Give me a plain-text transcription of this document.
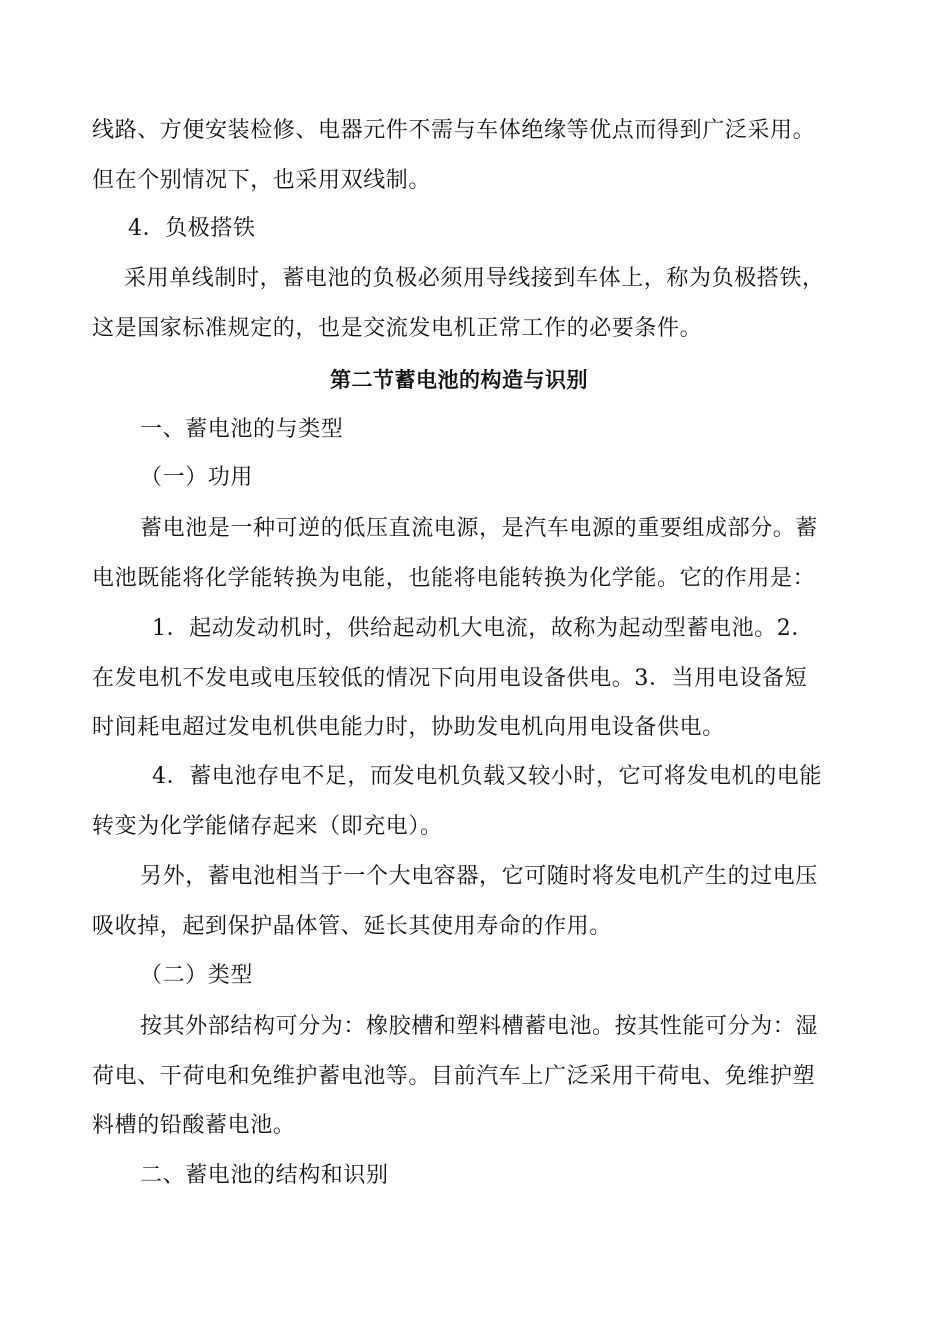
线路、方便安装检修、电器元件不需与车体绝缘等优点而得到广泛采用。
但在个别情况下，也采用双线制。
4．负极搭铁
采用单线制时，蓄电池的负极必须用导线接到车体上，称为负极搭铁，
这是国家标准规定的，也是交流发电机正常工作的必要条件。
第二节蓄电池的构造与识别
一、蓄电池的与类型
（一）功用
蓄电池是一种可逆的低压直流电源，是汽车电源的重要组成部分。蓄
电池既能将化学能转换为电能，也能将电能转换为化学能。它的作用是：
1．起动发动机时，供给起动机大电流，故称为起动型蓄电池。2．
在发电机不发电或电压较低的情况下向用电设备供电。3．当用电设备短
时间耗电超过发电机供电能力时，协助发电机向用电设备供电。
4．蓄电池存电不足，而发电机负载又较小时，它可将发电机的电能
转变为化学能储存起来（即充电）。
另外，蓄电池相当于一个大电容器，它可随时将发电机产生的过电压
吸收掉，起到保护晶体管、延长其使用寿命的作用。
（二）类型
按其外部结构可分为：橡胶槽和塑料槽蓄电池。按其性能可分为：湿
荷电、干荷电和免维护蓄电池等。目前汽车上广泛采用干荷电、免维护塑
料槽的铅酸蓄电池。
二、蓄电池的结构和识别
